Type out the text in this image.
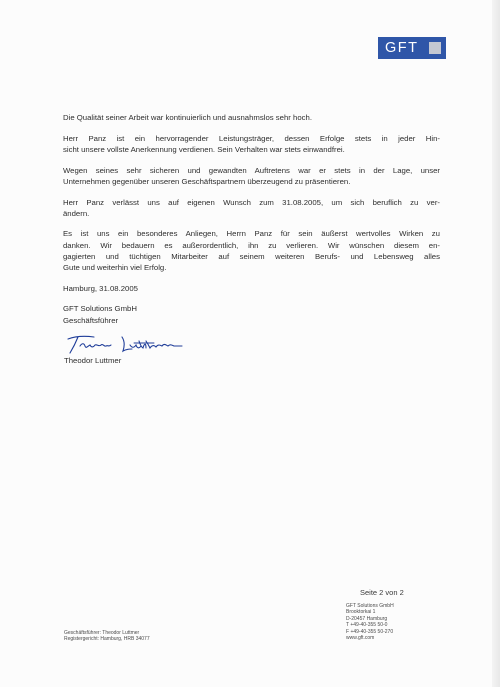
GFT

Die Qualität seiner Arbeit war kontinuierlich und ausnahmslos sehr hoch.

Herr Panz ist ein hervorragender Leistungsträger, dessen Erfolge stets in jeder Hin-
sicht unsere vollste Anerkennung verdienen. Sein Verhalten war stets einwandfrei.

Wegen seines sehr sicheren und gewandten Auftretens war er stets in der Lage, unser
Unternehmen gegenüber unseren Geschäftspartnern überzeugend zu präsentieren.

Herr Panz verlässt uns auf eigenen Wunsch zum 31.08.2005, um sich beruflich zu ver-
ändern.

Es ist uns ein besonderes Anliegen, Herrn Panz für sein äußerst wertvolles Wirken zu
danken. Wir bedauern es außerordentlich, ihn zu verlieren. Wir wünschen diesem en-
gagierten und tüchtigen Mitarbeiter auf seinem weiteren Berufs- und Lebensweg alles
Gute und weiterhin viel Erfolg.

Hamburg, 31.08.2005

GFT Solutions GmbH
Geschäftsführer

Theodor Luttmer
Seite 2 von 2
GFT Solutions GmbH
Brooktorkai 1
D-20457 Hamburg
T +49-40-355 50-0
F +49-40-355 50-270
www.gft.com
Geschäftsführer: Theodor Luttmer
Registergericht: Hamburg, HRB 34077
